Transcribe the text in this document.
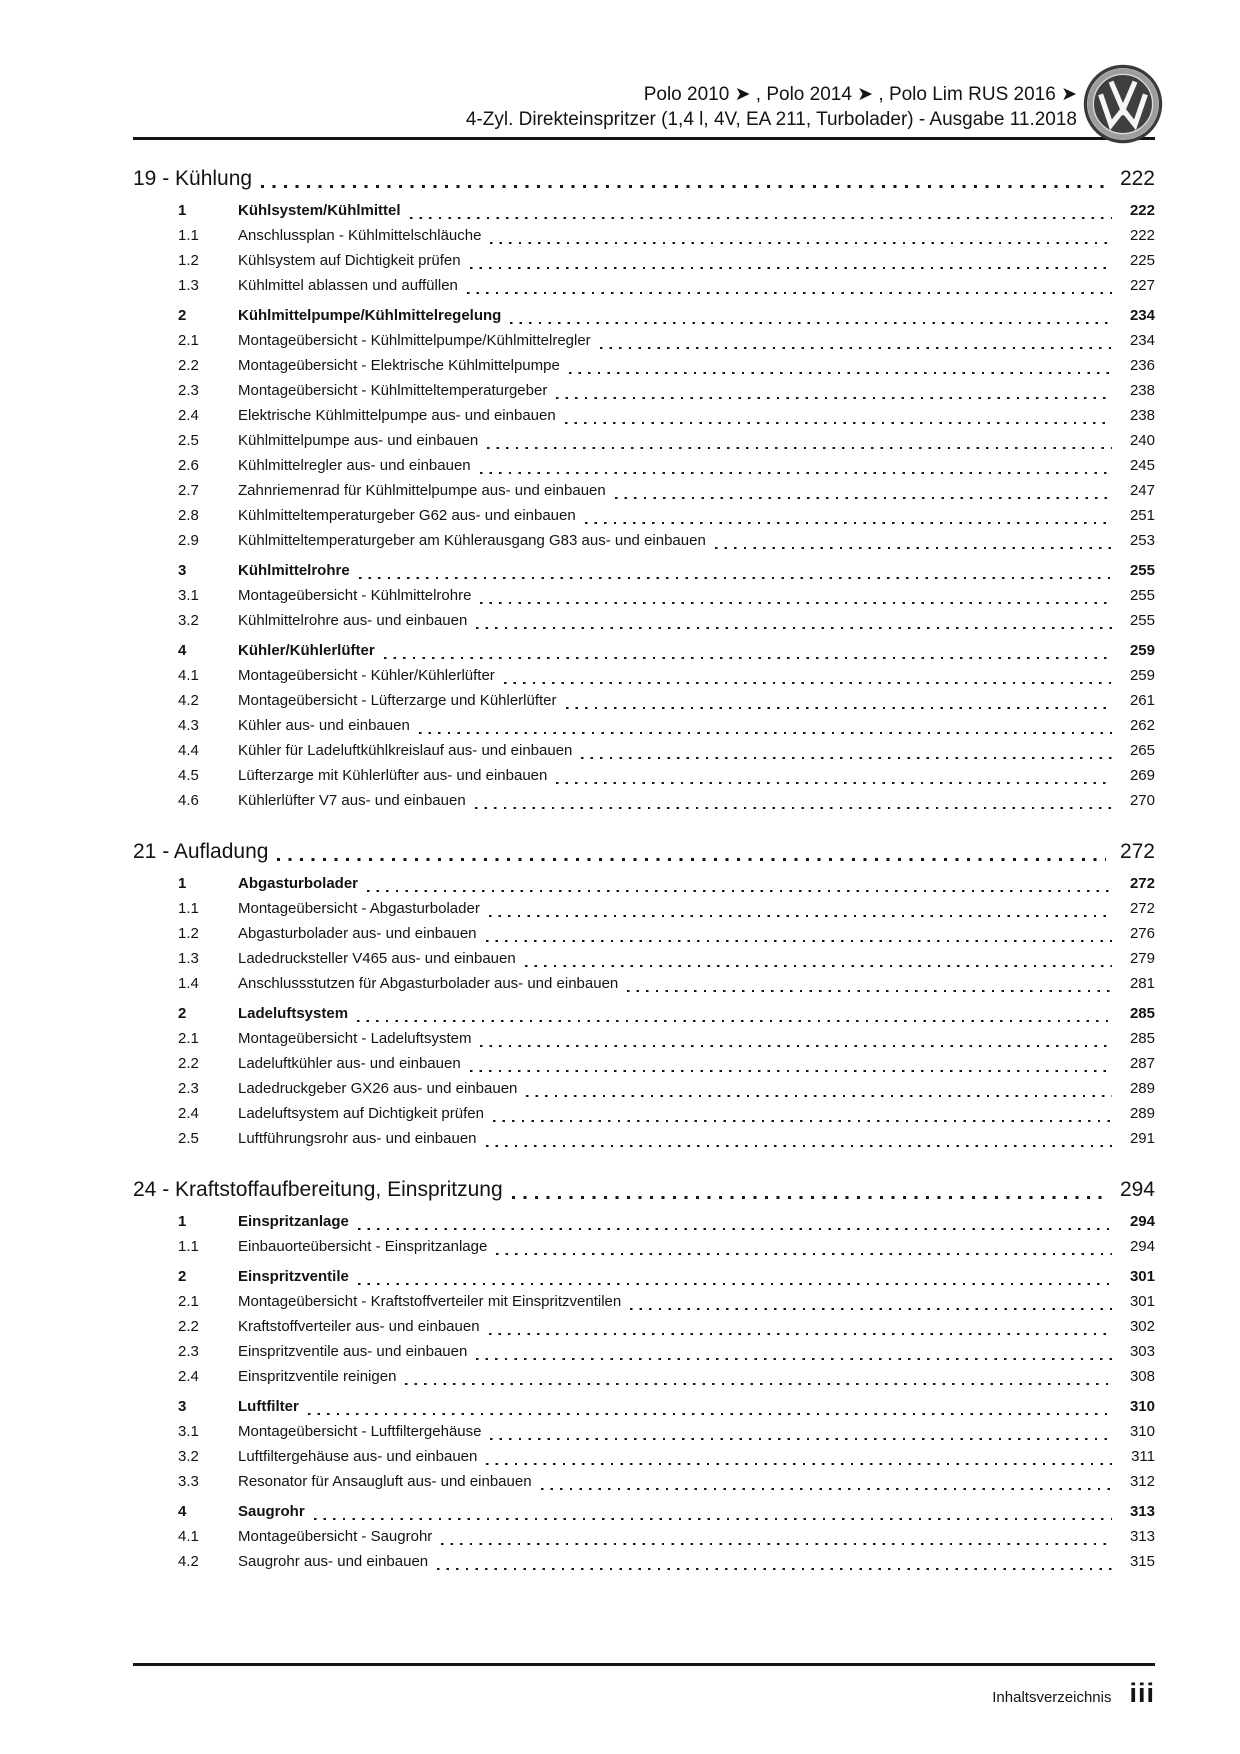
Polo 2010 ➤ , Polo 2014 ➤ , Polo Lim RUS 2016 ➤
4-Zyl. Direkteinspritzer (1,4 l, 4V, EA 211, Turbolader) - Ausgabe 11.2018
19 - Kühlung	222
1	Kühlsystem/Kühlmittel	222
1.1	Anschlussplan - Kühlmittelschläuche	222
1.2	Kühlsystem auf Dichtigkeit prüfen	225
1.3	Kühlmittel ablassen und auffüllen	227
2	Kühlmittelpumpe/Kühlmittelregelung	234
2.1	Montageübersicht - Kühlmittelpumpe/Kühlmittelregler	234
2.2	Montageübersicht - Elektrische Kühlmittelpumpe	236
2.3	Montageübersicht - Kühlmitteltemperaturgeber	238
2.4	Elektrische Kühlmittelpumpe aus- und einbauen	238
2.5	Kühlmittelpumpe aus- und einbauen	240
2.6	Kühlmittelregler aus- und einbauen	245
2.7	Zahnriemenrad für Kühlmittelpumpe aus- und einbauen	247
2.8	Kühlmitteltemperaturgeber G62 aus- und einbauen	251
2.9	Kühlmitteltemperaturgeber am Kühlerausgang G83 aus- und einbauen	253
3	Kühlmittelrohre	255
3.1	Montageübersicht - Kühlmittelrohre	255
3.2	Kühlmittelrohre aus- und einbauen	255
4	Kühler/Kühlerlüfter	259
4.1	Montageübersicht - Kühler/Kühlerlüfter	259
4.2	Montageübersicht - Lüfterzarge und Kühlerlüfter	261
4.3	Kühler aus- und einbauen	262
4.4	Kühler für Ladeluftkühlkreislauf aus- und einbauen	265
4.5	Lüfterzarge mit Kühlerlüfter aus- und einbauen	269
4.6	Kühlerlüfter V7 aus- und einbauen	270
21 - Aufladung	272
1	Abgasturbolader	272
1.1	Montageübersicht - Abgasturbolader	272
1.2	Abgasturbolader aus- und einbauen	276
1.3	Ladedrucksteller V465 aus- und einbauen	279
1.4	Anschlussstutzen für Abgasturbolader aus- und einbauen	281
2	Ladeluftsystem	285
2.1	Montageübersicht - Ladeluftsystem	285
2.2	Ladeluftkühler aus- und einbauen	287
2.3	Ladedruckgeber GX26 aus- und einbauen	289
2.4	Ladeluftsystem auf Dichtigkeit prüfen	289
2.5	Luftführungsrohr aus- und einbauen	291
24 - Kraftstoffaufbereitung, Einspritzung	294
1	Einspritzanlage	294
1.1	Einbauorteübersicht - Einspritzanlage	294
2	Einspritzventile	301
2.1	Montageübersicht - Kraftstoffverteiler mit Einspritzventilen	301
2.2	Kraftstoffverteiler aus- und einbauen	302
2.3	Einspritzventile aus- und einbauen	303
2.4	Einspritzventile reinigen	308
3	Luftfilter	310
3.1	Montageübersicht - Luftfiltergehäuse	310
3.2	Luftfiltergehäuse aus- und einbauen	311
3.3	Resonator für Ansaugluft aus- und einbauen	312
4	Saugrohr	313
4.1	Montageübersicht - Saugrohr	313
4.2	Saugrohr aus- und einbauen	315
Inhaltsverzeichnis iii
